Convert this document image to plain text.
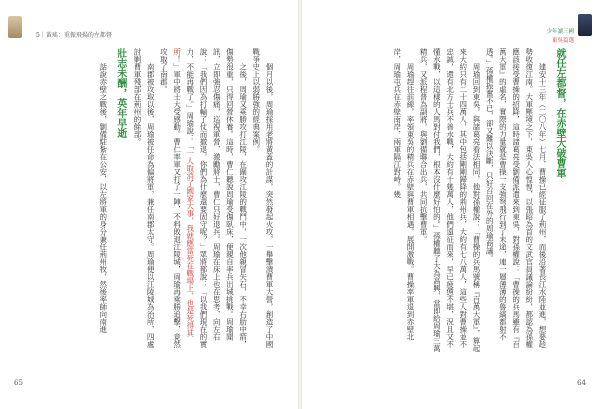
5｜黃瑤：重振飛揚的左都督

個月以後，周瑜採用老將黃蓋的計謀，突然發起火攻，一舉擊潰曹軍大營，創造了中國戰爭史上以弱勝強的經典案例。

之後，周瑜又乘勝攻打江陵，在圍攻江陵的戰鬥中，一次他親冒矢石，不幸右肋中箭，傷勢很重，只得回營休養。這時，曹仁聽說周瑜受傷臥床，便親自率兵出城挑戰。周瑜聞訊，立即強忍傷痛，巡視軍營，激勵將士，曹仁只好退兵。周瑜在床上也在思考，向左右說：「我們因為打輸了仗而撤退，你們為什麼還要固守呢？」眾將都說：「以我們現在的實力，不能再戰了。」周瑜說：「一人取消了國家大事，我就應當死在戰場上，也是死得其所！」軍中將士大受感動。曹仁率軍又打了一陣，不料敗退江陵城，周瑜再乘勝追擊，竟然攻取了南郡。

南郡被攻取以後，周瑜被任命為偏將軍，兼任南郡太守。周瑜便以江陵城為治所，四處討剿曹軍殘部在荊州的餘部。

壯志未酬，英年早逝

話說赤壁之戰後，劉備駐紮在公安，以左將軍的身分兼任荊州牧，然後率師向南進

65
少年讀三國
東吳篇選
就任左都督，在赤壁大破曹軍

建安十三年（二〇八年）七月，曹操已經征服了荊州，而後沿著長江水陸並進，想要趁勢收復江南。大軍壓境之下，東吳人心惶惶，以張昭為首的文武官員議論紛紛，都認為孫權應該接受曹操的招降，這時諸葛亮受劉備派遣來到東吳，對孫權說：「曹操的兵馬雖有『百萬大軍』的虛名，實際的力量就是曹操一支強弩飛行到了末途，連一層薄薄的魯縞都射不透。」孫權振奮不已，卻又難以決斷，只好召回在外的周瑜商議。

周瑜回到東吳，與諸葛亮看法相同，他對孫權說：「曹操的兵馬號稱『百萬大軍』，算起來大約只有二十四萬人，其中包括剛剛歸降的荊州兵，大約有七八萬人，這些人對曹操並不忠誠，還有北方士兵不善水戰，大約有十幾萬人，他們遠征而來，早已疲憊不堪，況且又不懂水戰，以這樣的人馬對付我們，根本沒什麼好怕的。」孫權聽了大為高興，當即給周瑜三萬精兵，又派程普為副將，與劉備聯合出兵，共同抗擊曹軍。

周瑜趕往前線，率領東吳的精兵在赤壁與曹軍相遇，展開激戰。曹操率軍退到赤壁北岸，周瑜屯兵在赤壁南岸，兩軍隔江對峙。幾

64
